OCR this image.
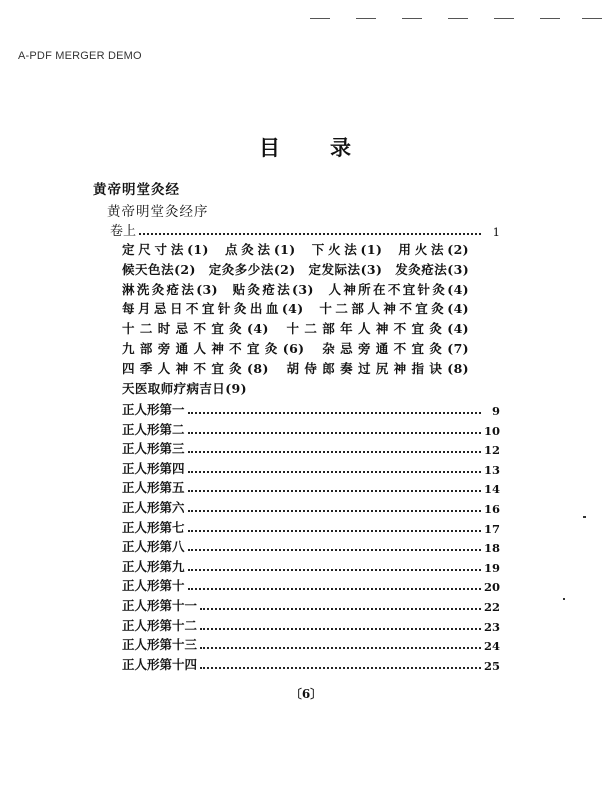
A-PDF MERGER DEMO
目 录
黄帝明堂灸经
黄帝明堂灸经序
卷上	1
定尺寸法(1) 点灸法(1) 下火法(1) 用火法(2) 候天色法(2) 定灸多少法(2) 定发际法(3) 发灸疮法(3) 淋洗灸疮法(3) 贴灸疮法(3) 人神所在不宜针灸(4) 每月忌日不宜针灸出血(4) 十二部人神不宜灸(4) 十二时忌不宜灸(4) 十二部年人神不宜灸(4) 九部旁通人神不宜灸(6) 杂忌旁通不宜灸(7) 四季人神不宜灸(8) 胡侍郎奏过尻神指诀(8) 天医取师疗病吉日(9)
正人形第一	9
正人形第二	10
正人形第三	12
正人形第四	13
正人形第五	14
正人形第六	16
正人形第七	17
正人形第八	18
正人形第九	19
正人形第十	20
正人形第十一	22
正人形第十二	23
正人形第十三	24
正人形第十四	25
〔6〕
